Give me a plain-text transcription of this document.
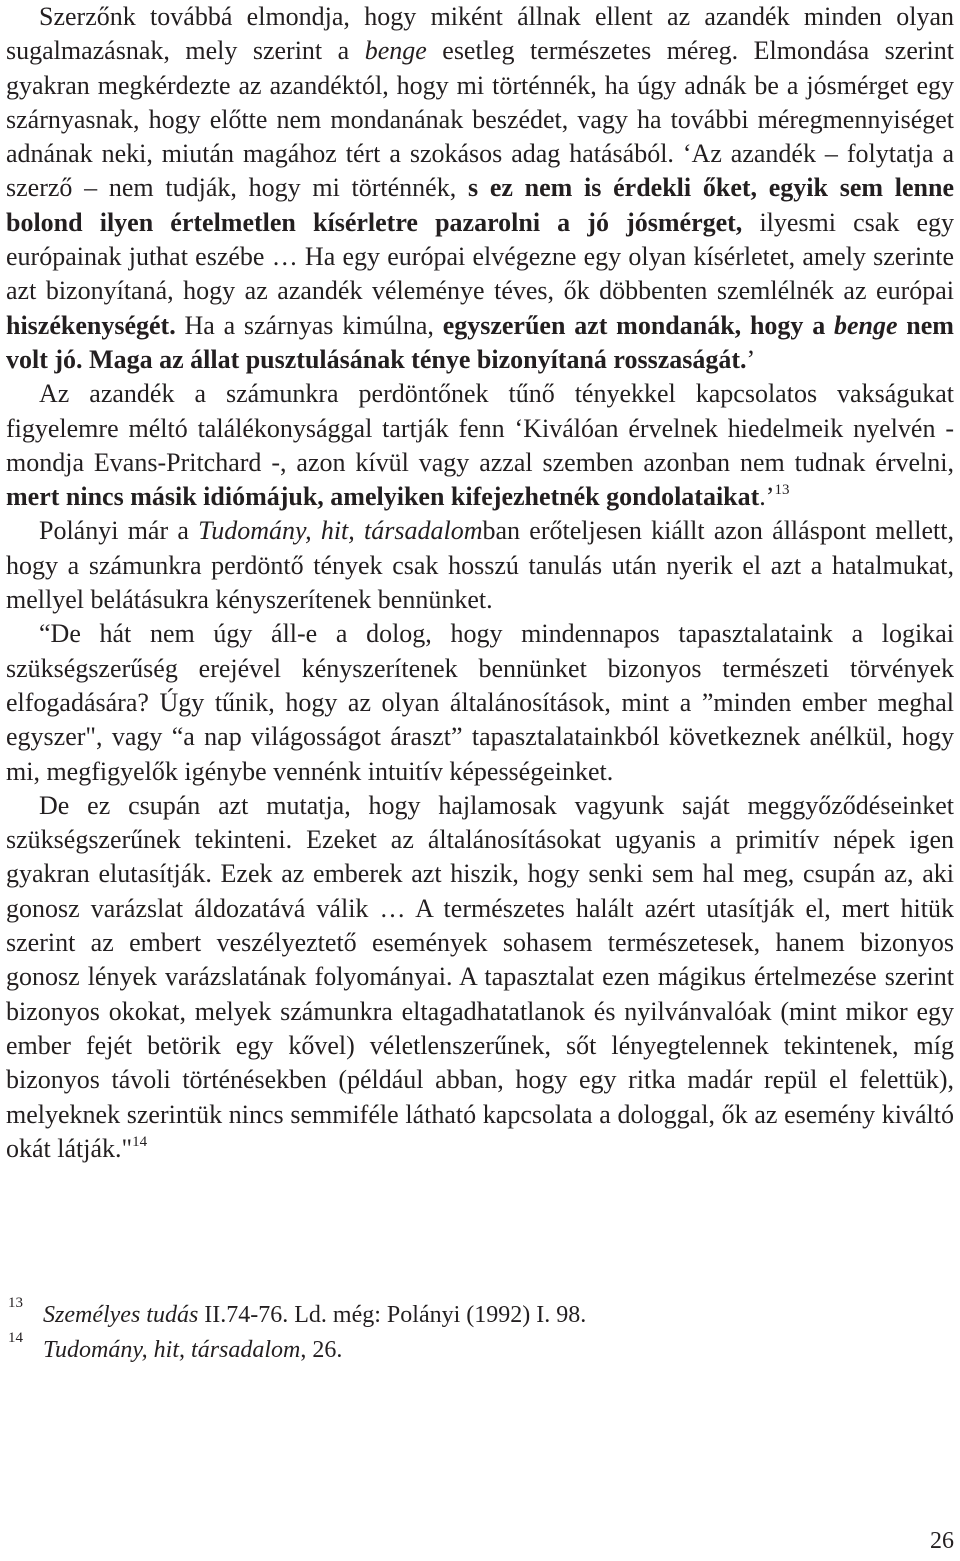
Szerzőnk továbbá elmondja, hogy miként állnak ellent az azandék minden olyan sugalmazásnak, mely szerint a benge esetleg természetes méreg. Elmondása szerint gyakran megkérdezte az azandéktól, hogy mi történnék, ha úgy adnák be a jósmérget egy szárnyasnak, hogy előtte nem mondanának beszédet, vagy ha további méregmennyiséget adnának neki, miután magához tért a szokásos adag hatásából. ‘Az azandék – folytatja a szerző – nem tudják, hogy mi történnék, s ez nem is érdekli őket, egyik sem lenne bolond ilyen értelmetlen kísérletre pazarolni a jó jósmérget, ilyesmi csak egy európainak juthat eszébe … Ha egy európai elvégezne egy olyan kísérletet, amely szerinte azt bizonyítaná, hogy az azandék véleménye téves, ők döbbenten szemlélnék az európai hiszékenységét. Ha a szárnyas kimúlna, egyszerűen azt mondanák, hogy a benge nem volt jó. Maga az állat pusztulásának ténye bizonyítaná rosszaságát.’

Az azandék a számunkra perdöntőnek tűnő tényekkel kapcsolatos vakságukat figyelemre méltó találékonysággal tartják fenn ‘Kiválóan érvelnek hiedelmeik nyelvén - mondja Evans-Pritchard -, azon kívül vagy azzal szemben azonban nem tudnak érvelni, mert nincs másik idiómájuk, amelyiken kifejezhetnék gondolataikat.’$^{13}$

Polányi már a Tudomány, hit, társadalomban erőteljesen kiállt azon álláspont mellett, hogy a számunkra perdöntő tények csak hosszú tanulás után nyerik el azt a hatalmukat, mellyel belátásukra kényszerítenek bennünket.

“De hát nem úgy áll-e a dolog, hogy mindennapos tapasztalataink a logikai szükségszerűség erejével kényszerítenek bennünket bizonyos természeti törvények elfogadására? Úgy tűnik, hogy az olyan általánosítások, mint a ”minden ember meghal egyszer", vagy “a nap világosságot áraszt” tapasztalatainkból következnek anélkül, hogy mi, megfigyelők igénybe vennénk intuitív képességeinket.

De ez csupán azt mutatja, hogy hajlamosak vagyunk saját meggyőződéseinket szükségszerűnek tekinteni. Ezeket az általánosításokat ugyanis a primitív népek igen gyakran elutasítják. Ezek az emberek azt hiszik, hogy senki sem hal meg, csupán az, aki gonosz varázslat áldozatává válik … A természetes halált azért utasítják el, mert hitük szerint az embert veszélyeztető események sohasem természetesek, hanem bizonyos gonosz lények varázslatának folyományai. A tapasztalat ezen mágikus értelmezése szerint bizonyos okokat, melyek számunkra eltagadhatatlanok és nyilvánvalóak (mint mikor egy ember fejét betörik egy kővel) véletlenszerűnek, sőt lényegtelennek tekintenek, míg bizonyos távoli történésekben (például abban, hogy egy ritka madár repül el felettük), melyeknek szerintük nincs semmiféle látható kapcsolata a dologgal, ők az esemény kiváltó okát látják."$^{14}$

13 Személyes tudás II.74-76. Ld. még: Polányi (1992) I. 98.
14 Tudomány, hit, társadalom, 26.
26
